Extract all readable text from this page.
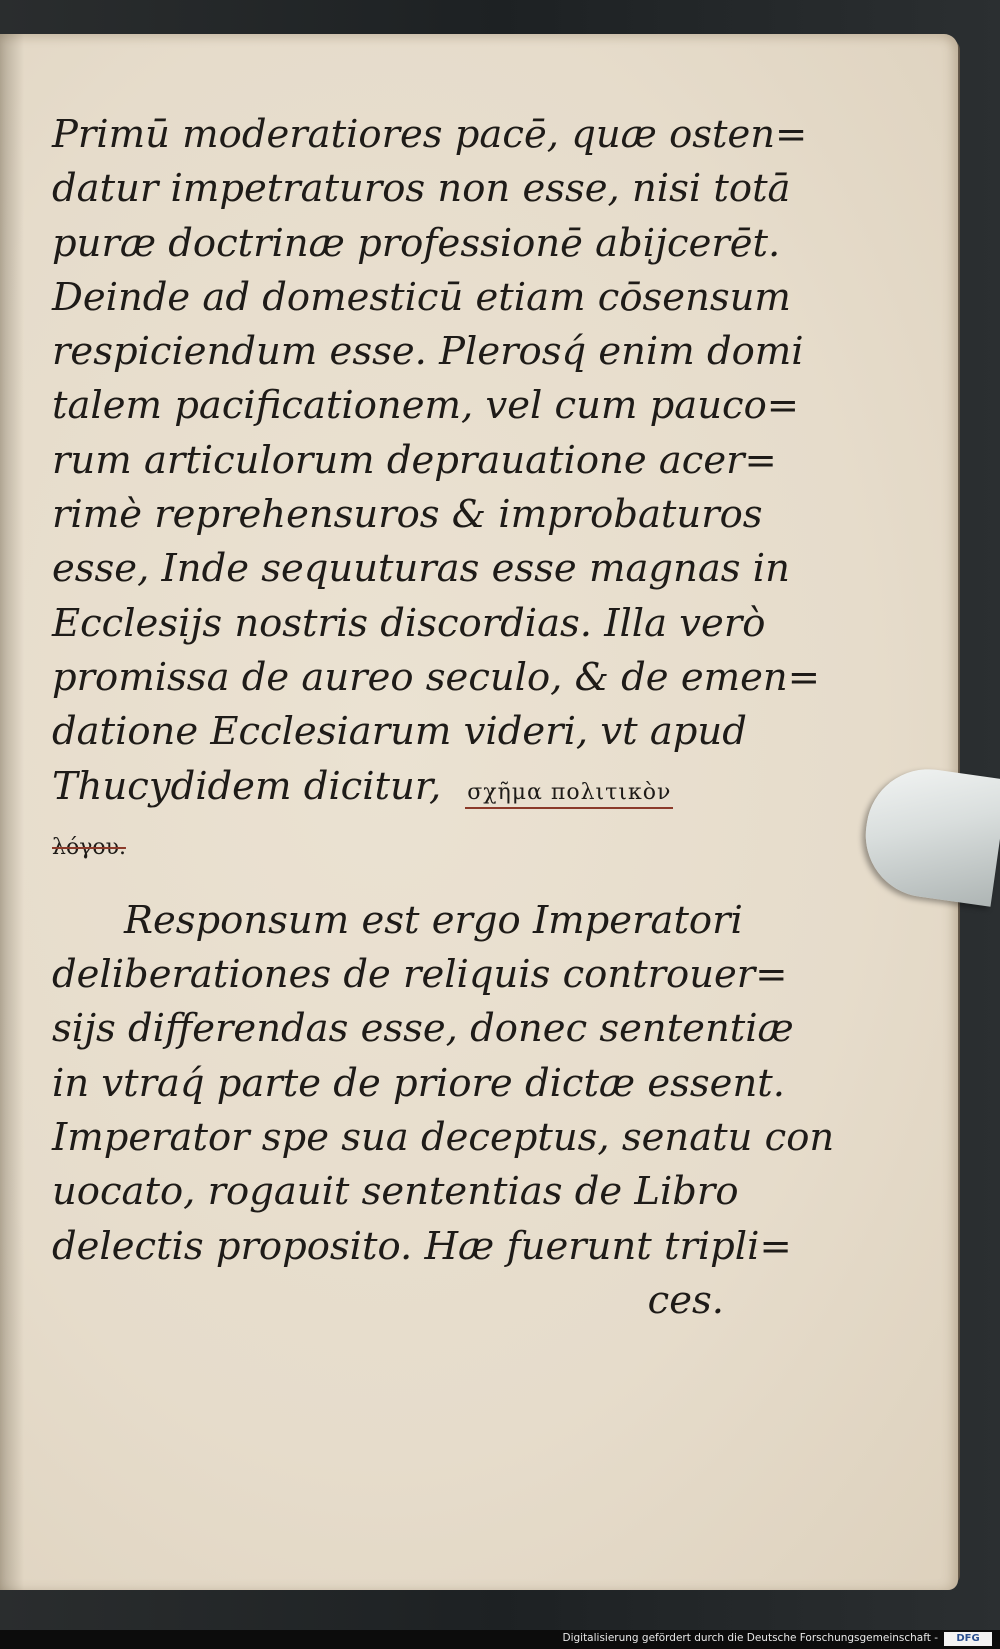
Primū moderatiores pacē, quæ osten=
datur impetraturos non esse, nisi totā
puræ doctrinæ professionē abijcerēt.
Deinde ad domesticū etiam cōsensum
respiciendum esse. Plerosq́ enim domi
talem pacificationem, vel cum pauco=
rum articulorum deprauatione acer=
rimè reprehensuros & improbaturos
esse, Inde sequuturas esse magnas in
Ecclesijs nostris discordias. Illa verò
promissa de aureo seculo, & de emen=
datione Ecclesiarum videri, vt apud
Thucydidem dicitur, σχῆμα πολιτικὸν
λόγου.
Responsum est ergo Imperatori
deliberationes de reliquis controuer=
sijs differendas esse, donec sententiæ
in vtraq́ parte de priore dictæ essent.
Imperator spe sua deceptus, senatu con
uocato, rogauit sententias de Libro
delectis proposito. Hæ fuerunt tripli=
ces.
Digitalisierung gefördert durch die Deutsche Forschungsgemeinschaft -	DFG
